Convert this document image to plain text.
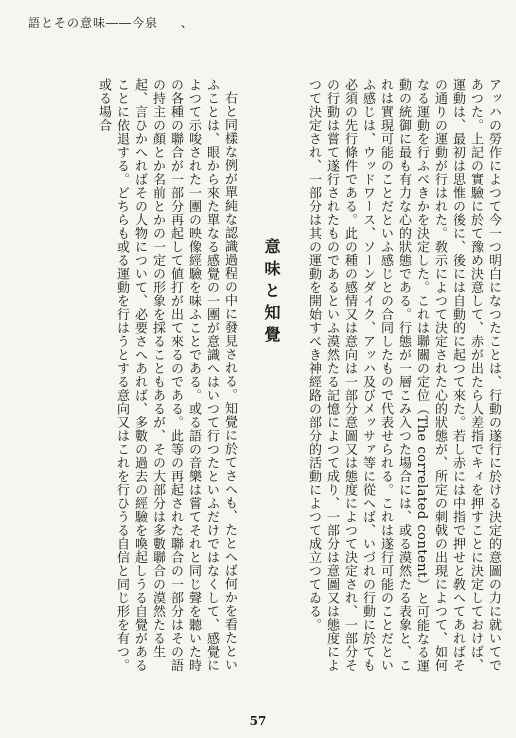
語とその意味――今泉 、

アッハの勞作によつて今一つ明白になつたことは、行動の遂行に於ける決定的意圖の力に就いてであつた。上記の實驗に於て豫め決意して、赤が出たら人差指でキィを押すことに決定しておけば、運動は、最初は思惟の後に、後には自動的に起つて來た。若し赤には中指で押せと敎へてあればその通りの運動が行はれた。敎示によつて決定された心的狀態が、所定の刺戟の出現によつて、如何なる運動を行ふべきかを決定した。これは聯關の定位（The correlated content）と可能なる運動の統御に最も有力な心的狀態である。行態が一層こみ入つた場合には、或る漠然たる表象と、これは實現可能のことだといふ感じとの合同したもので代表せられる。これは遂行可能のことだといふ感じは、ウッドワース、ソーンダイク、アッハ及びメッサァ等に從へば、いづれの行動に於ても必須の先行條件である。此の種の感情又は意向は一部分意圖又は態度によつて決定され、一部分その行動は嘗て遂行されたものであるといふ漠然たる記憶によつて成り、一部分は意圖又は態度によつて決定され、一部分は其の運動を開始すべき神經路の部分的活動によつて成立つてゐる。

意味と知覺

右と同樣な例が單純な認識過程の中に發見される。知覺に於てさへも、たとへば何かを看たといふことは、眼から來た單なる感覺の一團が意識へはいつて行つたといふだけではなくして、感覺によつて示唆された一團の映像經驗を味ふことである。或る語の音樂は嘗てそれと同じ聲を聽いた時の各種の聯合が一部分再起して値打が出て來るのである。此等の再起された聯合の一部分はその語の持主の顏とか名前とかの一定の形象を採ることもあるが、その大部分は多數聯合の漠然たる生起、言ひかへればその人物について、必要さへあれば、多數の過去の經驗を喚起しうる自覺があることに依退する。どちらも或る運動を行はうとする意向又はこれを行ひうる自信と同じ形を有つ。或る場合

57
